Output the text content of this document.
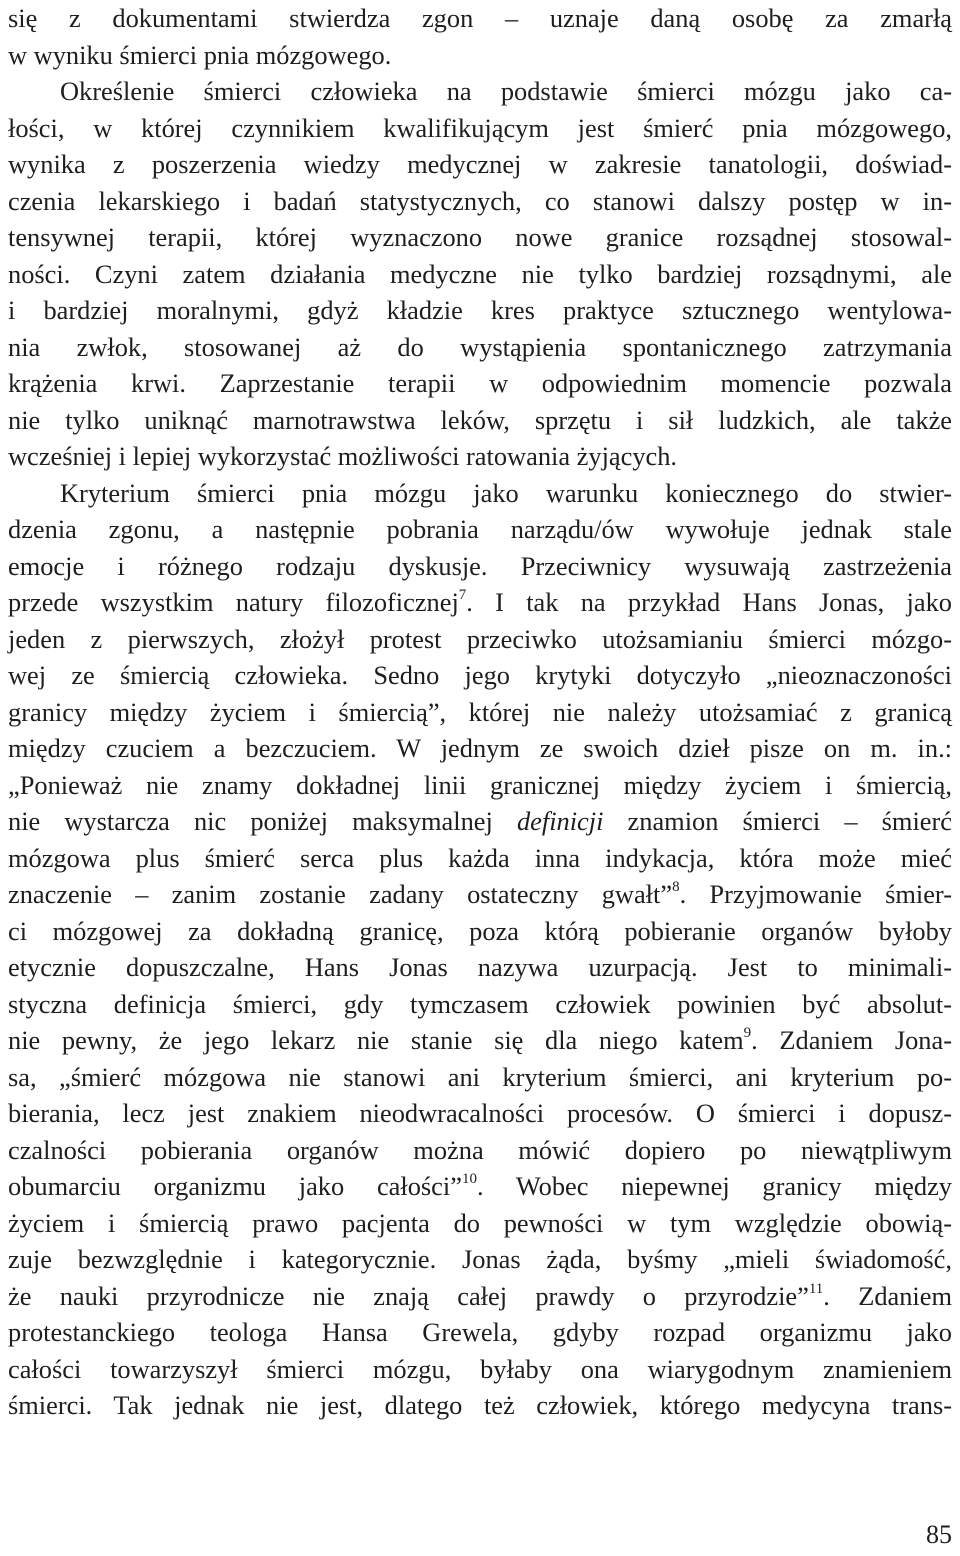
się z dokumentami stwierdza zgon – uznaje daną osobę za zmarłą
w wyniku śmierci pnia mózgowego.
Określenie śmierci człowieka na podstawie śmierci mózgu jako ca-
łości, w której czynnikiem kwalifikującym jest śmierć pnia mózgowego,
wynika z poszerzenia wiedzy medycznej w zakresie tanatologii, doświad-
czenia lekarskiego i badań statystycznych, co stanowi dalszy postęp w in-
tensywnej terapii, której wyznaczono nowe granice rozsądnej stosowal-
ności. Czyni zatem działania medyczne nie tylko bardziej rozsądnymi, ale
i bardziej moralnymi, gdyż kładzie kres praktyce sztucznego wentylowa-
nia zwłok, stosowanej aż do wystąpienia spontanicznego zatrzymania
krążenia krwi. Zaprzestanie terapii w odpowiednim momencie pozwala
nie tylko uniknąć marnotrawstwa leków, sprzętu i sił ludzkich, ale także
wcześniej i lepiej wykorzystać możliwości ratowania żyjących.
Kryterium śmierci pnia mózgu jako warunku koniecznego do stwier-
dzenia zgonu, a następnie pobrania narządu/ów wywołuje jednak stale
emocje i różnego rodzaju dyskusje. Przeciwnicy wysuwają zastrzeżenia
przede wszystkim natury filozoficznej$^7$. I tak na przykład Hans Jonas, jako
jeden z pierwszych, złożył protest przeciwko utożsamianiu śmierci mózgo-
wej ze śmiercią człowieka. Sedno jego krytyki dotyczyło „nieoznaczoności
granicy między życiem i śmiercią”, której nie należy utożsamiać z granicą
między czuciem a bezczuciem. W jednym ze swoich dzieł pisze on m. in.:
„Ponieważ nie znamy dokładnej linii granicznej między życiem i śmiercią,
nie wystarcza nic poniżej maksymalnej definicji znamion śmierci – śmierć
mózgowa plus śmierć serca plus każda inna indykacja, która może mieć
znaczenie – zanim zostanie zadany ostateczny gwałt”$^8$. Przyjmowanie śmier-
ci mózgowej za dokładną granicę, poza którą pobieranie organów byłoby
etycznie dopuszczalne, Hans Jonas nazywa uzurpacją. Jest to minimali-
styczna definicja śmierci, gdy tymczasem człowiek powinien być absolut-
nie pewny, że jego lekarz nie stanie się dla niego katem$^9$. Zdaniem Jona-
sa, „śmierć mózgowa nie stanowi ani kryterium śmierci, ani kryterium po-
bierania, lecz jest znakiem nieodwracalności procesów. O śmierci i dopusz-
czalności pobierania organów można mówić dopiero po niewątpliwym
obumarciu organizmu jako całości”$^{10}$. Wobec niepewnej granicy między
życiem i śmiercią prawo pacjenta do pewności w tym względzie obowią-
zuje bezwzględnie i kategorycznie. Jonas żąda, byśmy „mieli świadomość,
że nauki przyrodnicze nie znają całej prawdy o przyrodzie”$^{11}$. Zdaniem
protestanckiego teologa Hansa Grewela, gdyby rozpad organizmu jako
całości towarzyszył śmierci mózgu, byłaby ona wiarygodnym znamieniem
śmierci. Tak jednak nie jest, dlatego też człowiek, którego medycyna trans-
85
